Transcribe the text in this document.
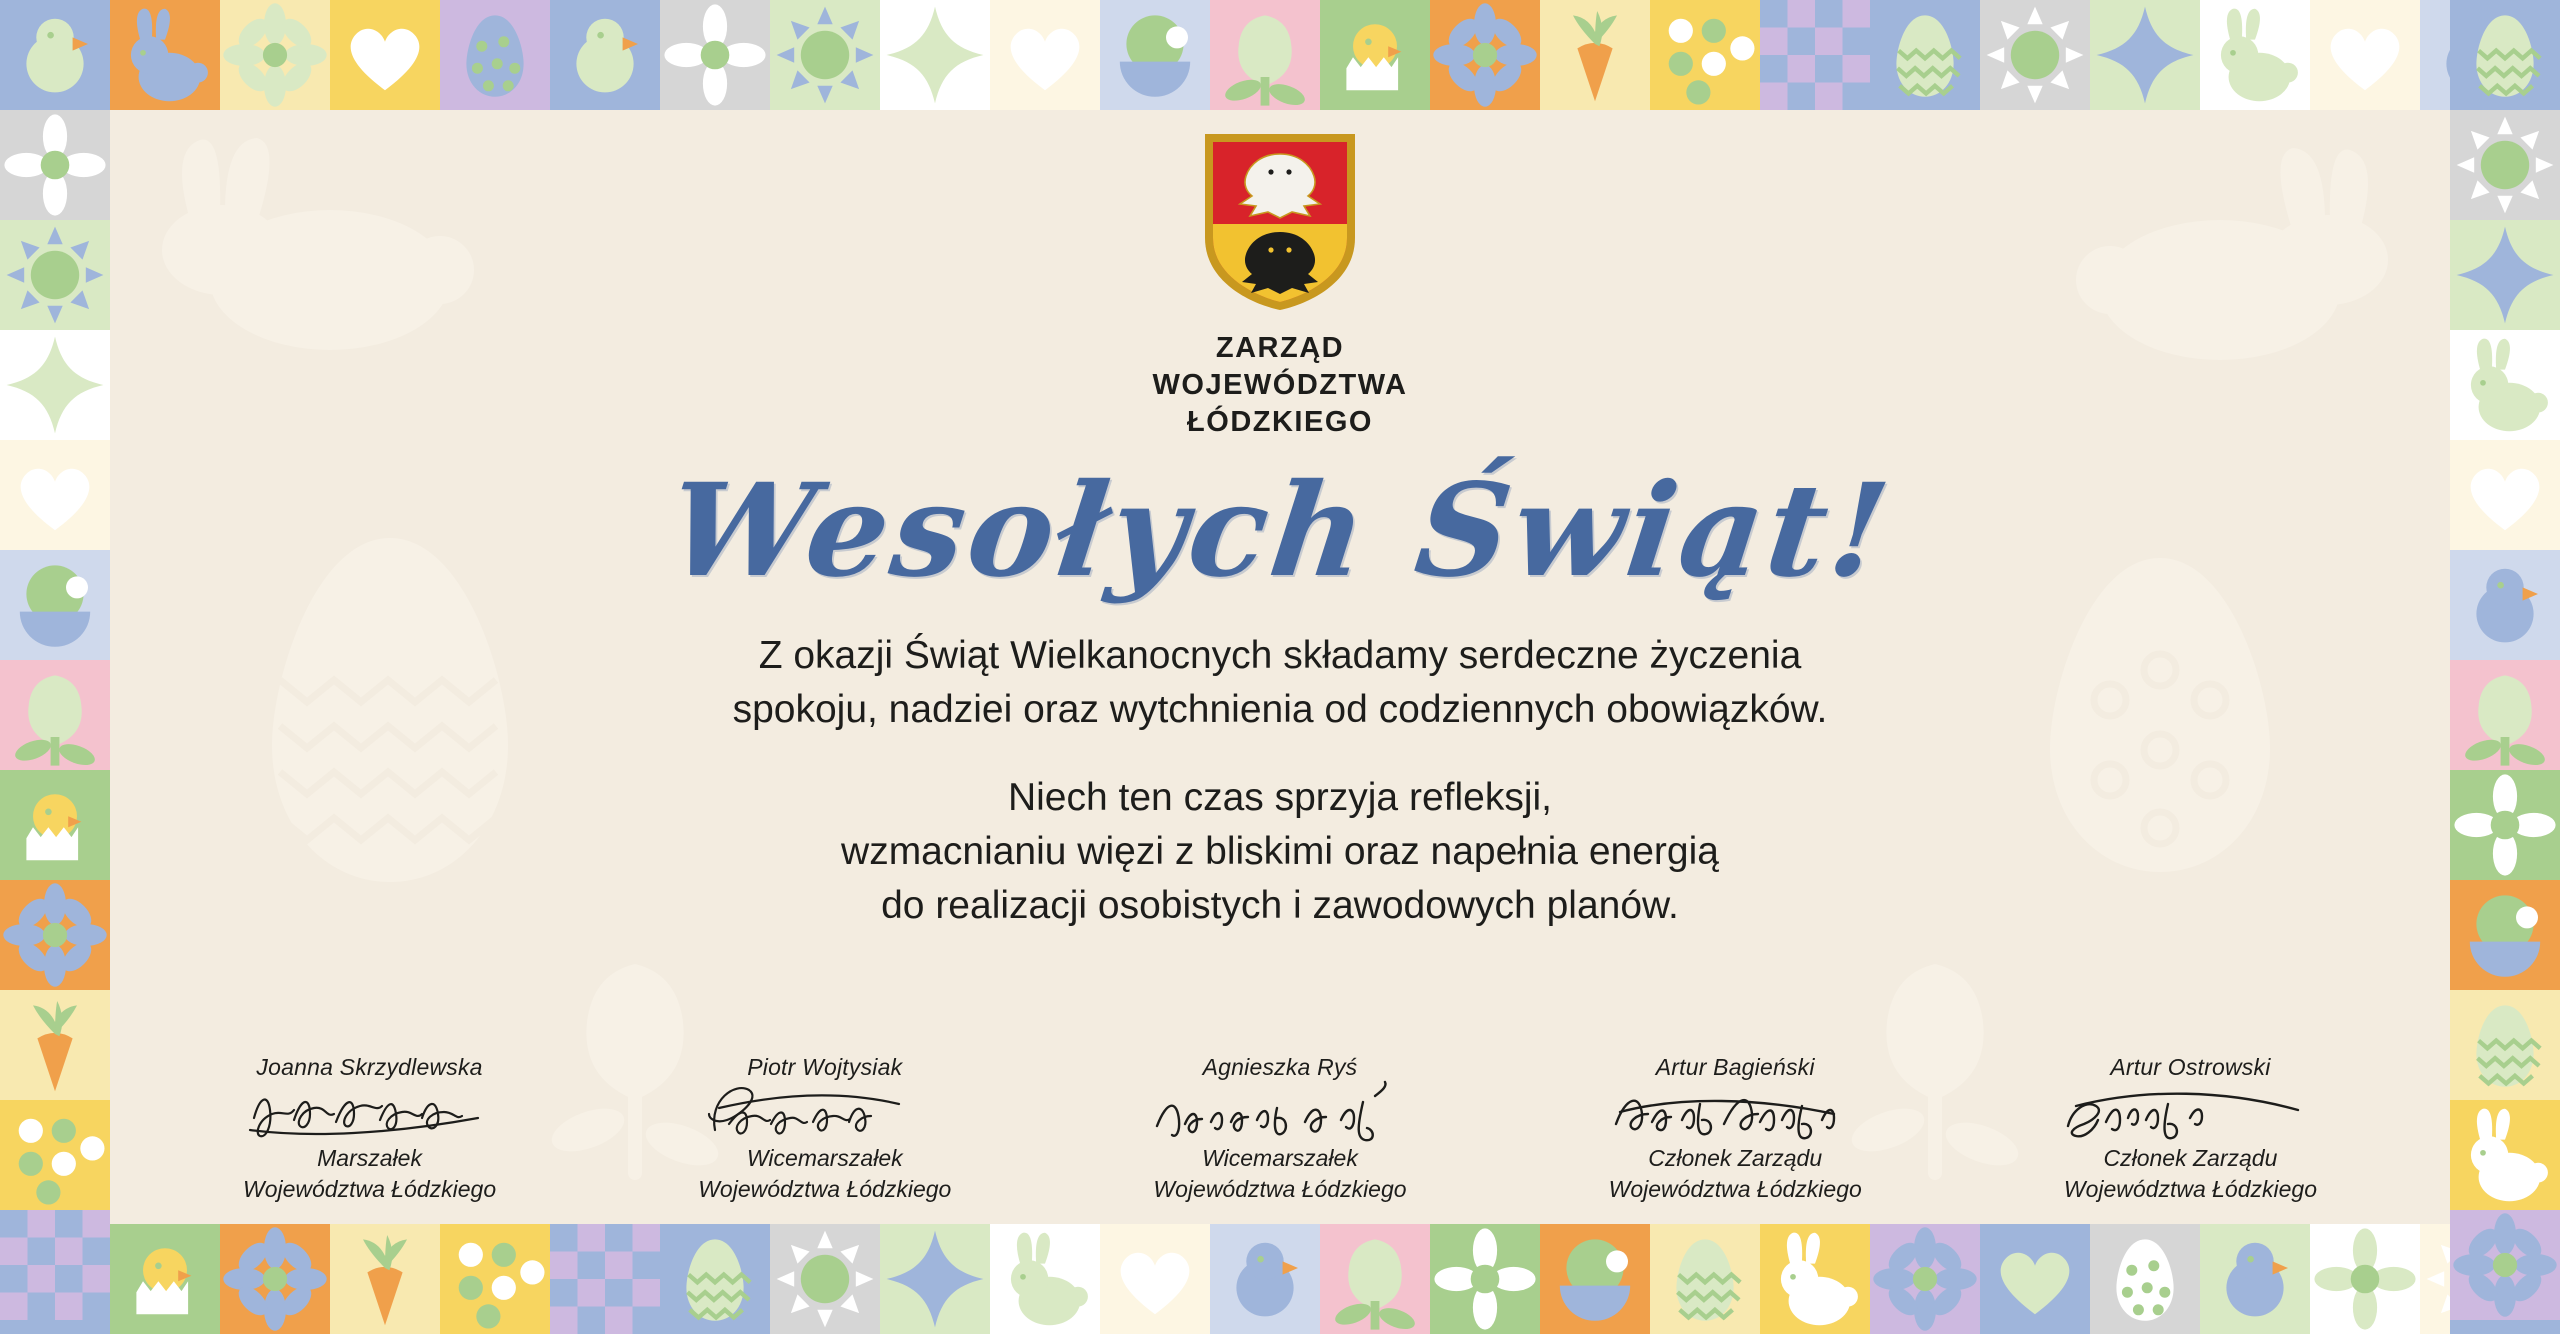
ZARZĄD
WOJEWÓDZTWA
ŁÓDZKIEGO
Wesołych Świąt!

Z okazji Świąt Wielkanocnych składamy serdeczne życzenia

spokoju, nadziei oraz wytchnienia od codziennych obowiązków.

Niech ten czas sprzyja refleksji,

wzmacnianiu więzi z bliskimi oraz napełnia energią

do realizacji osobistych i zawodowych planów.

Joanna Skrzydlewska
Marszałek
Województwa Łódzkiego
Piotr Wojtysiak
Wicemarszałek
Województwa Łódzkiego
Agnieszka Ryś
Wicemarszałek
Województwa Łódzkiego
Artur Bagieński
Członek Zarządu
Województwa Łódzkiego
Artur Ostrowski
Członek Zarządu
Województwa Łódzkiego
